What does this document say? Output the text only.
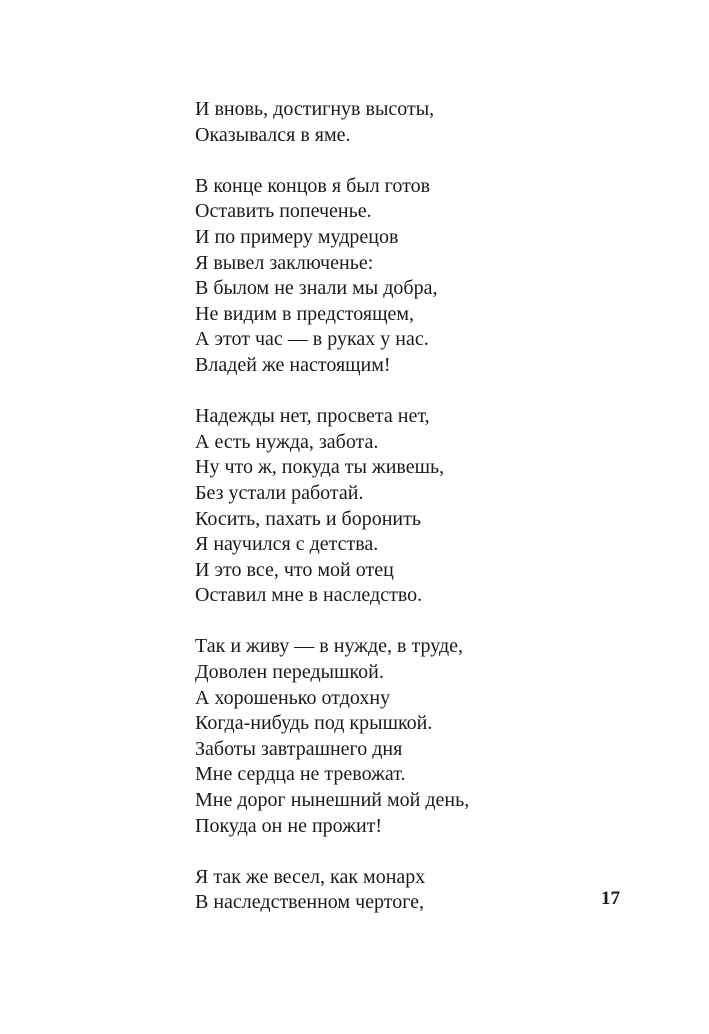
И вновь, достигнув высоты,
Оказывался в яме.
В конце концов я был готов
Оставить попеченье.
И по примеру мудрецов
Я вывел заключенье:
В былом не знали мы добра,
Не видим в предстоящем,
А этот час — в руках у нас.
Владей же настоящим!
Надежды нет, просвета нет,
А есть нужда, забота.
Ну что ж, покуда ты живешь,
Без устали работай.
Косить, пахать и боронить
Я научился с детства.
И это все, что мой отец
Оставил мне в наследство.
Так и живу — в нужде, в труде,
Доволен передышкой.
А хорошенько отдохну
Когда-нибудь под крышкой.
Заботы завтрашнего дня
Мне сердца не тревожат.
Мне дорог нынешний мой день,
Покуда он не прожит!
Я так же весел, как монарх
В наследственном чертоге,	17
